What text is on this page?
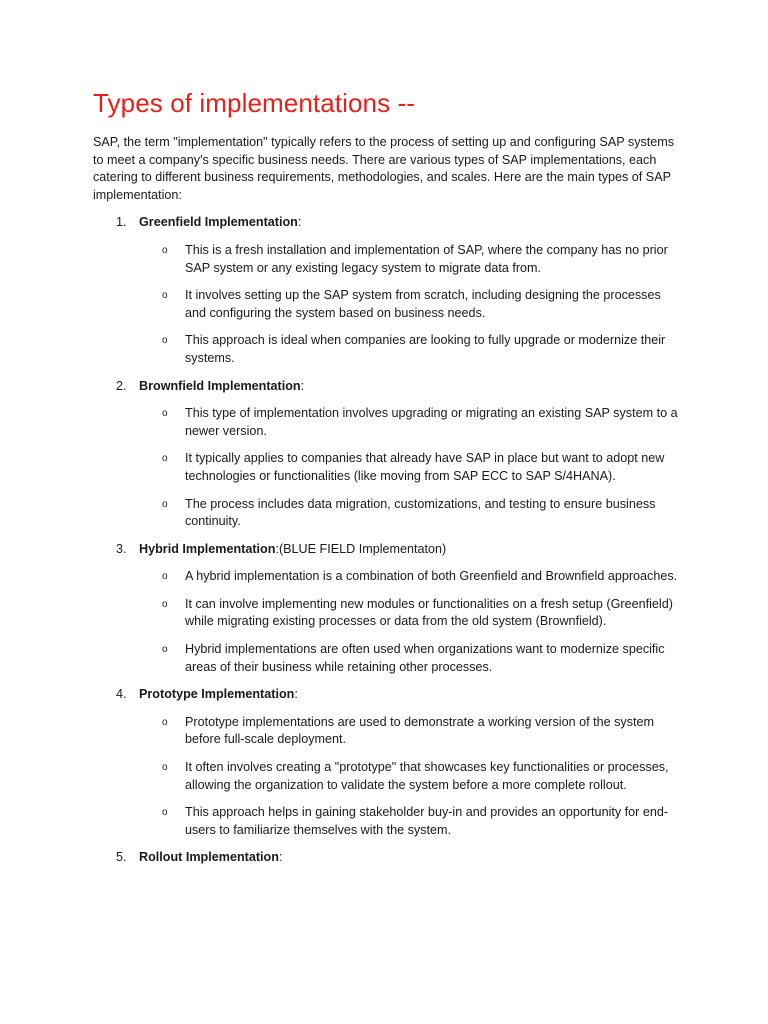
Types of implementations --

SAP, the term "implementation" typically refers to the process of setting up and configuring SAP systems to meet a company's specific business needs. There are various types of SAP implementations, each catering to different business requirements, methodologies, and scales. Here are the main types of SAP implementation:

1. Greenfield Implementation:
o This is a fresh installation and implementation of SAP, where the company has no prior SAP system or any existing legacy system to migrate data from.
o It involves setting up the SAP system from scratch, including designing the processes and configuring the system based on business needs.
o This approach is ideal when companies are looking to fully upgrade or modernize their systems.
2. Brownfield Implementation:
o This type of implementation involves upgrading or migrating an existing SAP system to a newer version.
o It typically applies to companies that already have SAP in place but want to adopt new technologies or functionalities (like moving from SAP ECC to SAP S/4HANA).
o The process includes data migration, customizations, and testing to ensure business continuity.
3. Hybrid Implementation:(BLUE FIELD Implementaton)
o A hybrid implementation is a combination of both Greenfield and Brownfield approaches.
o It can involve implementing new modules or functionalities on a fresh setup (Greenfield) while migrating existing processes or data from the old system (Brownfield).
o Hybrid implementations are often used when organizations want to modernize specific areas of their business while retaining other processes.
4. Prototype Implementation:
o Prototype implementations are used to demonstrate a working version of the system before full-scale deployment.
o It often involves creating a "prototype" that showcases key functionalities or processes, allowing the organization to validate the system before a more complete rollout.
o This approach helps in gaining stakeholder buy-in and provides an opportunity for end-users to familiarize themselves with the system.
5. Rollout Implementation:
